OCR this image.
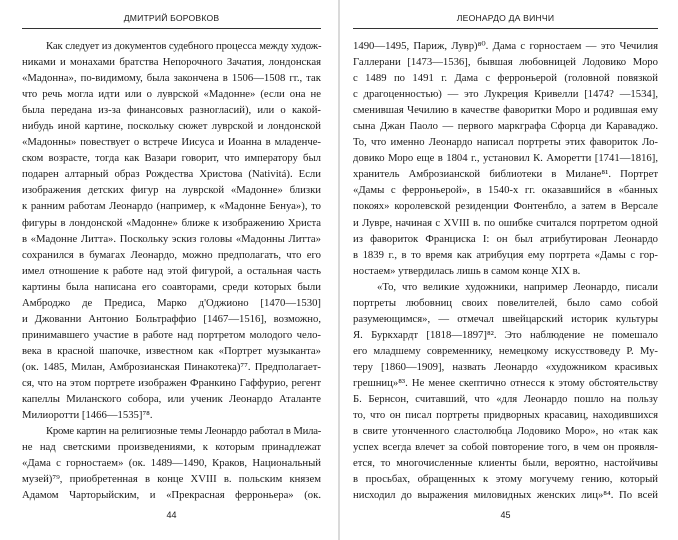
ДМИТРИЙ БОРОВКОВ
Как следует из документов судебного процесса между худож-
никами и монахами братства Непорочного Зачатия, лондонская
«Мадонна», по-видимому, была закончена в 1506—1508 гг., так
что речь могла идти или о луврской «Мадонне» (если она не
была передана из-за финансовых разногласий), или о какой-
нибудь иной картине, поскольку сюжет луврской и лондонской
«Мадонны» повествует о встрече Иисуса и Иоанна в младенче-
ском возрасте, тогда как Вазари говорит, что императору был
подарен алтарный образ Рождества Христова (Nativitá). Если
изображения детских фигур на луврской «Мадонне» близки
к ранним работам Леонардо (например, к «Мадонне Бенуа»), то
фигуры в лондонской «Мадонне» ближе к изображению Христа
в «Мадонне Литта». Поскольку эскиз головы «Мадонны Литта»
сохранился в бумагах Леонардо, можно предполагать, что его
имел отношение к работе над этой фигурой, а остальная часть
картины была написана его соавторами, среди которых были
Амброджо де Предиса, Марко д'Оджионо [1470—1530]
и Джованни Антонио Больтраффио [1467—1516], возможно,
принимавшего участие в работе над портретом молодого чело-
века в красной шапочке, известном как «Портрет музыканта»
(ок. 1485, Милан, Амброзианская Пинакотека)⁷⁷. Предполагает-
ся, что на этом портрете изображен Франкино Гаффурио, регент
капеллы Миланского собора, или ученик Леонардо Аталанте
Милиоротти [1466—1535]⁷⁸.
Кроме картин на религиозные темы Леонардо работал в Мила-
не над светскими произведениями, к которым принадлежат
«Дама с горностаем» (ок. 1489—1490, Краков, Национальный
музей)⁷⁹, приобретенная в конце XVIII в. польским князем
Адамом Чарторыйским, и «Прекрасная ферроньера» (ок.
44
ЛЕОНАРДО ДА ВИНЧИ
1490—1495, Париж, Лувр)⁸⁰. Дама с горностаем — это Чечилия
Галлерани [1473—1536], бывшая любовницей Лодовико Моро
с 1489 по 1491 г. Дама с ферроньерой (головной повязкой
с драгоценностью) — это Лукреция Кривелли [1474? —1534],
сменившая Чечилию в качестве фаворитки Моро и родившая ему
сына Джан Паоло — первого маркграфа Сфорца ди Караваджо.
То, что именно Леонардо написал портреты этих фавориток Ло-
довико Моро еще в 1804 г., установил К. Аморетти [1741—1816],
хранитель Амброзианской библиотеки в Милане⁸¹. Портрет
«Дамы с ферроньерой», в 1540-х гг. оказавшийся в «банных
покоях» королевской резиденции Фонтенбло, а затем в Версале
и Лувре, начиная с XVIII в. по ошибке считался портретом одной
из фавориток Франциска I: он был атрибутирован Леонардо
в 1839 г., в то время как атрибуция ему портрета «Дамы с гор-
ностаем» утвердилась лишь в самом конце XIX в.
«То, что великие художники, например Леонардо, писали
портреты любовниц своих повелителей, было само собой
разумеющимся», — отмечал швейцарский историк культуры
Я. Буркхардт [1818—1897]⁸². Это наблюдение не помешало
его младшему современнику, немецкому искусствоведу Р. Му-
теру [1860—1909], назвать Леонардо «художником красивых
грешниц»⁸³. Не менее скептично отнесся к этому обстоятельству
Б. Бернсон, считавший, что «для Леонардо пошло на пользу
то, что он писал портреты придворных красавиц, находившихся
в свите утонченного сластолюбца Лодовико Моро», но «так как
успех всегда влечет за собой повторение того, в чем он проявля-
ется, то многочисленные клиенты были, вероятно, настойчивы
в просьбах, обращенных к этому могучему гению, который
нисходил до выражения миловидных женских лиц»⁸⁴. По всей
45
